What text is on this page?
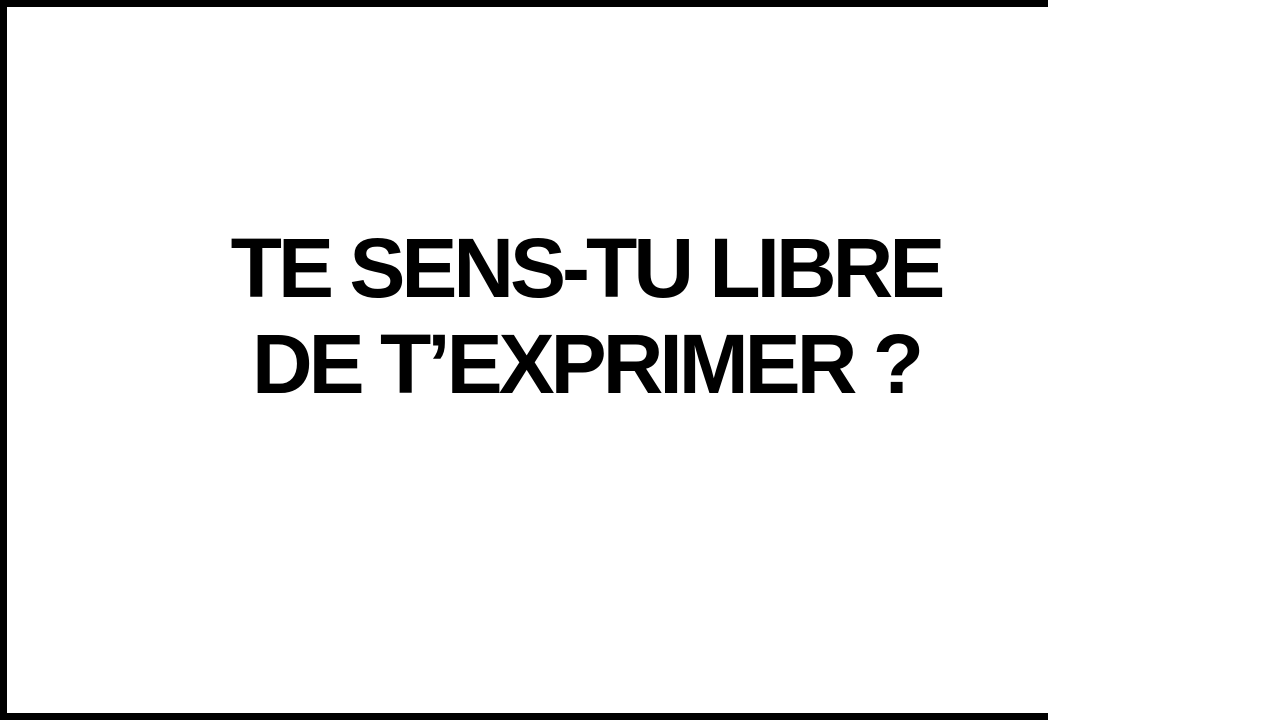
TE SENS-TU LIBRE
DE T’EXPRIMER ?
